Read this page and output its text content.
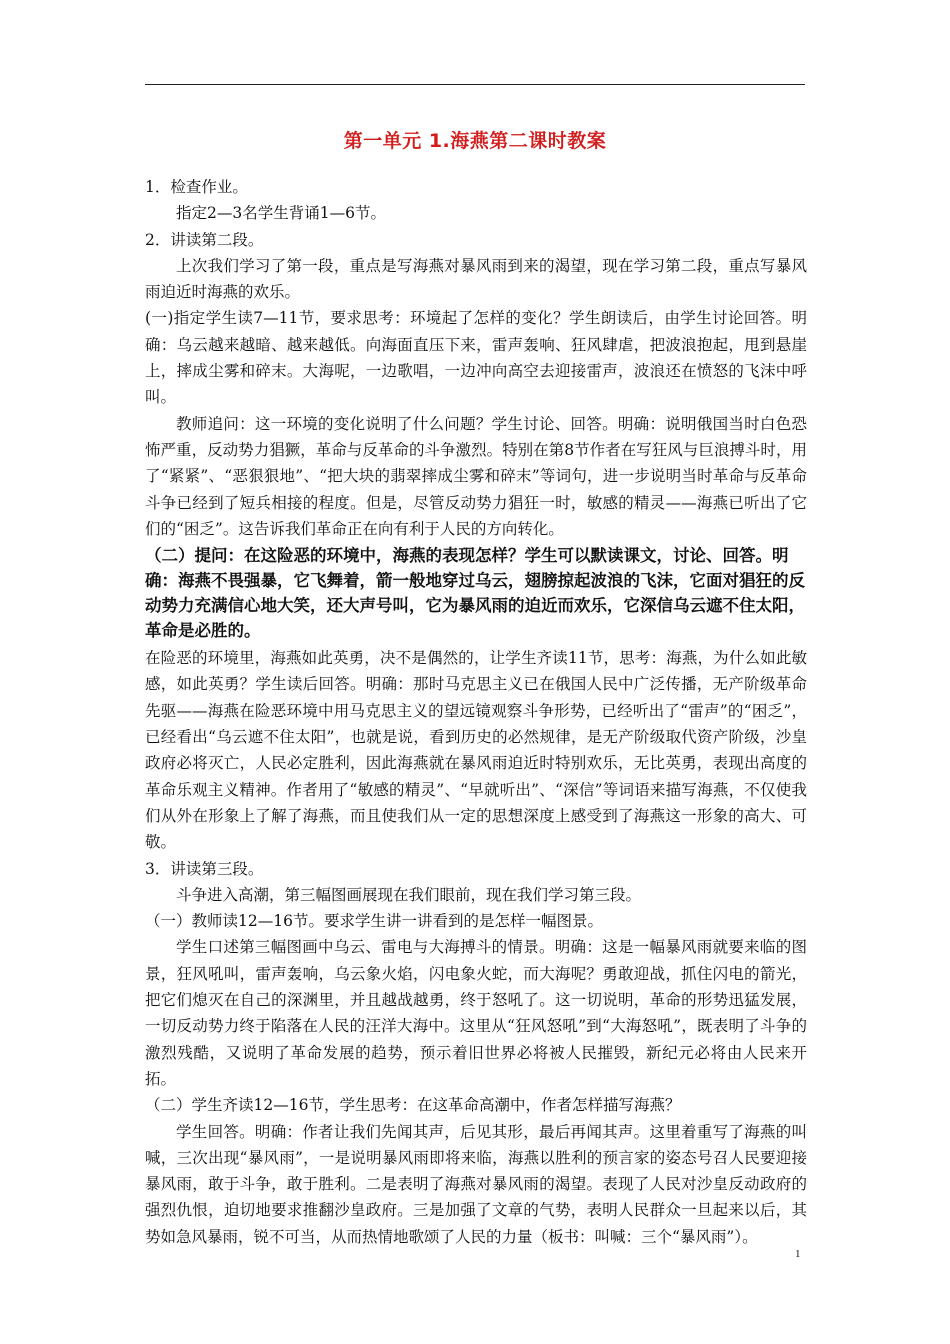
第一单元 1.海燕第二课时教案

1．检查作业。

指定2—3名学生背诵1—6节。

2．讲读第二段。

上次我们学习了第一段，重点是写海燕对暴风雨到来的渴望，现在学习第二段，重点写暴风雨迫近时海燕的欢乐。

(一)指定学生读7—11节，要求思考：环境起了怎样的变化？学生朗读后，由学生讨论回答。明确：乌云越来越暗、越来越低。向海面直压下来，雷声轰响、狂风肆虐，把波浪抱起，甩到悬崖上，摔成尘雾和碎末。大海呢，一边歌唱，一边冲向高空去迎接雷声，波浪还在愤怒的飞沫中呼叫。

教师追问：这一环境的变化说明了什么问题？学生讨论、回答。明确：说明俄国当时白色恐怖严重，反动势力猖獗，革命与反革命的斗争激烈。特别在第8节作者在写狂风与巨浪搏斗时，用了“紧紧”、“恶狠狠地”、“把大块的翡翠摔成尘雾和碎末”等词句，进一步说明当时革命与反革命斗争已经到了短兵相接的程度。但是，尽管反动势力猖狂一时，敏感的精灵——海燕已听出了它们的“困乏”。这告诉我们革命正在向有利于人民的方向转化。

（二）提问：在这险恶的环境中，海燕的表现怎样？学生可以默读课文，讨论、回答。明确：海燕不畏强暴，它飞舞着，箭一般地穿过乌云，翅膀掠起波浪的飞沫，它面对猖狂的反动势力充满信心地大笑，还大声号叫，它为暴风雨的迫近而欢乐，它深信乌云遮不住太阳，革命是必胜的。

在险恶的环境里，海燕如此英勇，决不是偶然的，让学生齐读11节，思考：海燕，为什么如此敏感，如此英勇？学生读后回答。明确：那时马克思主义已在俄国人民中广泛传播，无产阶级革命先驱——海燕在险恶环境中用马克思主义的望远镜观察斗争形势，已经听出了“雷声”的“困乏”，已经看出“乌云遮不住太阳”，也就是说，看到历史的必然规律，是无产阶级取代资产阶级，沙皇政府必将灭亡，人民必定胜利，因此海燕就在暴风雨迫近时特别欢乐，无比英勇，表现出高度的革命乐观主义精神。作者用了“敏感的精灵”、“早就听出”、“深信”等词语来描写海燕，不仅使我们从外在形象上了解了海燕，而且使我们从一定的思想深度上感受到了海燕这一形象的高大、可敬。

3．讲读第三段。

斗争进入高潮，第三幅图画展现在我们眼前，现在我们学习第三段。

（一）教师读12—16节。要求学生讲一讲看到的是怎样一幅图景。

学生口述第三幅图画中乌云、雷电与大海搏斗的情景。明确：这是一幅暴风雨就要来临的图景，狂风吼叫，雷声轰响，乌云象火焰，闪电象火蛇，而大海呢？勇敢迎战，抓住闪电的箭光，把它们熄灭在自己的深渊里，并且越战越勇，终于怒吼了。这一切说明，革命的形势迅猛发展，一切反动势力终于陷落在人民的汪洋大海中。这里从“狂风怒吼”到“大海怒吼”，既表明了斗争的激烈残酷，又说明了革命发展的趋势，预示着旧世界必将被人民摧毁，新纪元必将由人民来开拓。

（二）学生齐读12—16节，学生思考：在这革命高潮中，作者怎样描写海燕？

学生回答。明确：作者让我们先闻其声，后见其形，最后再闻其声。这里着重写了海燕的叫喊，三次出现“暴风雨”，一是说明暴风雨即将来临，海燕以胜利的预言家的姿态号召人民要迎接暴风雨，敢于斗争，敢于胜利。二是表明了海燕对暴风雨的渴望。表现了人民对沙皇反动政府的强烈仇恨，迫切地要求推翻沙皇政府。三是加强了文章的气势，表明人民群众一旦起来以后，其势如急风暴雨，锐不可当，从而热情地歌颂了人民的力量（板书：叫喊：三个“暴风雨”）。

1
